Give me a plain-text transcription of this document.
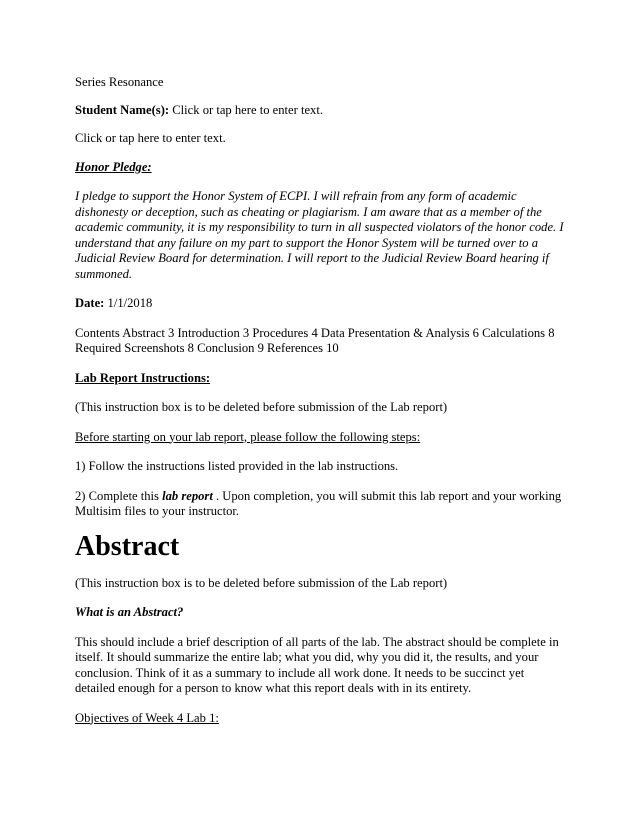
Series Resonance

Student Name(s): Click or tap here to enter text.

Click or tap here to enter text.

Honor Pledge:

I pledge to support the Honor System of ECPI. I will refrain from any form of academic dishonesty or deception, such as cheating or plagiarism. I am aware that as a member of the academic community, it is my responsibility to turn in all suspected violators of the honor code. I understand that any failure on my part to support the Honor System will be turned over to a Judicial Review Board for determination. I will report to the Judicial Review Board hearing if summoned.

Date: 1/1/2018

Contents Abstract 3 Introduction 3 Procedures 4 Data Presentation & Analysis 6 Calculations 8 Required Screenshots 8 Conclusion 9 References 10

Lab Report Instructions:

(This instruction box is to be deleted before submission of the Lab report)

Before starting on your lab report, please follow the following steps:

1) Follow the instructions listed provided in the lab instructions.

2) Complete this lab report . Upon completion, you will submit this lab report and your working Multisim files to your instructor.

Abstract

(This instruction box is to be deleted before submission of the Lab report)

What is an Abstract?

This should include a brief description of all parts of the lab. The abstract should be complete in itself. It should summarize the entire lab; what you did, why you did it, the results, and your conclusion. Think of it as a summary to include all work done. It needs to be succinct yet detailed enough for a person to know what this report deals with in its entirety.

Objectives of Week 4 Lab 1:
